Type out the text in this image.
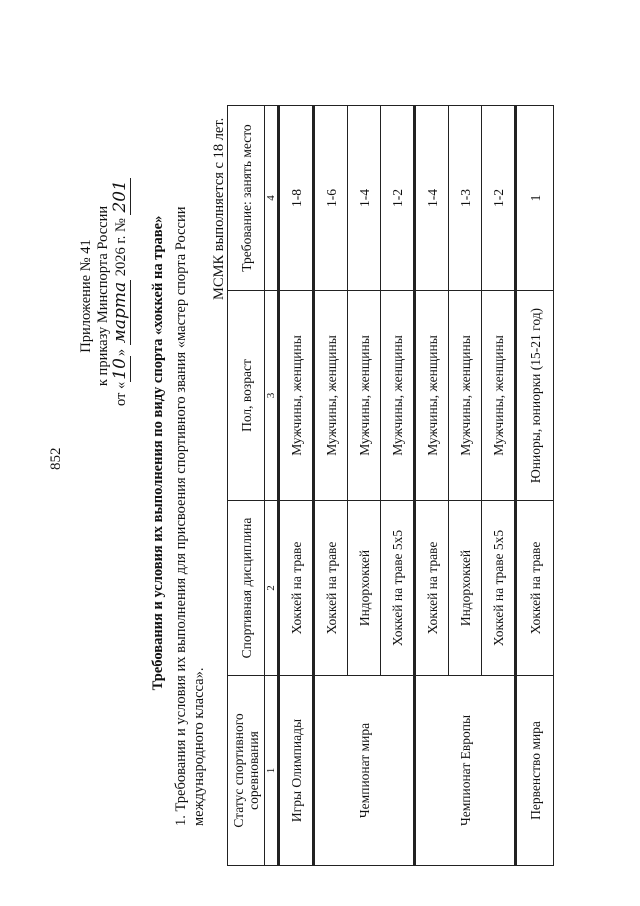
852
Приложение № 41 к приказу Минспорта России
от «10» марта 2026 г. № 201
Требования и условия их выполнения по виду спорта «хоккей на траве» 1. Требования и условия их выполнения для присвоения спортивного звания «мастер спорта России международного класса».
МСМК выполняется с 18 лет.
Статус спортивного соревнования	Спортивная дисциплина	Пол, возраст	Требование: занять место
1	2	3	4
Игры Олимпиады	Хоккей на траве	Мужчины, женщины	1-8
Чемпионат мира	Хоккей на траве	Мужчины, женщины	1-6
	Индорхоккей	Мужчины, женщины	1-4
	Хоккей на траве 5x5	Мужчины, женщины	1-2
Чемпионат Европы	Хоккей на траве	Мужчины, женщины	1-4
	Индорхоккей	Мужчины, женщины	1-3
	Хоккей на траве 5x5	Мужчины, женщины	1-2
Первенство мира	Хоккей на траве	Юниоры, юниорки (15-21 год)	1
